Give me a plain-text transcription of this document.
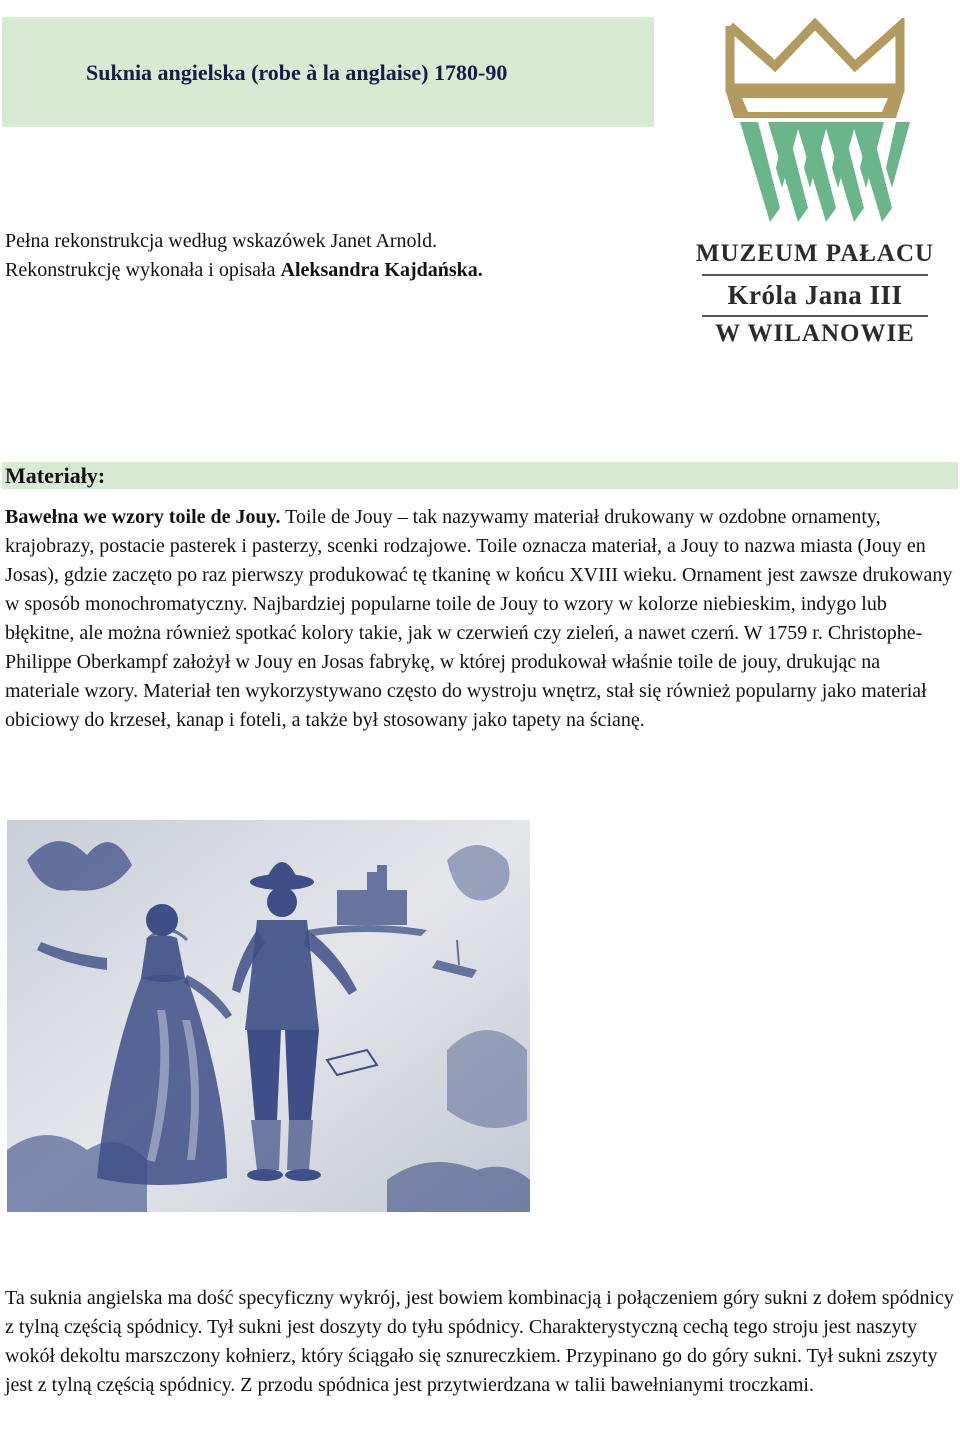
Suknia angielska (robe à la anglaise) 1780-90
Pełna rekonstrukcja według wskazówek Janet Arnold.
Rekonstrukcję wykonała i opisała Aleksandra Kajdańska.
MUZEUM PAŁACU
Króla Jana III
W WILANOWIE
Materiały:
Bawełna we wzory toile de Jouy. Toile de Jouy – tak nazywamy materiał drukowany w ozdobne ornamenty, krajobrazy, postacie pasterek i pasterzy, scenki rodzajowe. Toile oznacza materiał, a Jouy to nazwa miasta (Jouy en Josas), gdzie zaczęto po raz pierwszy produkować tę tkaninę w końcu XVIII wieku. Ornament jest zawsze drukowany w sposób monochromatyczny. Najbardziej popularne toile de Jouy to wzory w kolorze niebieskim, indygo lub błękitne, ale można również spotkać kolory takie, jak w czerwień czy zieleń, a nawet czerń. W 1759 r. Christophe-Philippe Oberkampf założył w Jouy en Josas fabrykę, w której produkował właśnie toile de jouy, drukując na materiale wzory. Materiał ten wykorzystywano często do wystroju wnętrz, stał się również popularny jako materiał obiciowy do krzeseł, kanap i foteli, a także był stosowany jako tapety na ścianę.
Ta suknia angielska ma dość specyficzny wykrój, jest bowiem kombinacją i połączeniem góry sukni z dołem spódnicy z tylną częścią spódnicy. Tył sukni jest doszyty do tyłu spódnicy. Charakterystyczną cechą tego stroju jest naszyty wokół dekoltu marszczony kołnierz, który ściągało się sznureczkiem. Przypinano go do góry sukni. Tył sukni zszyty jest z tylną częścią spódnicy. Z przodu spódnica jest przytwierdzana w talii bawełnianymi troczkami.
